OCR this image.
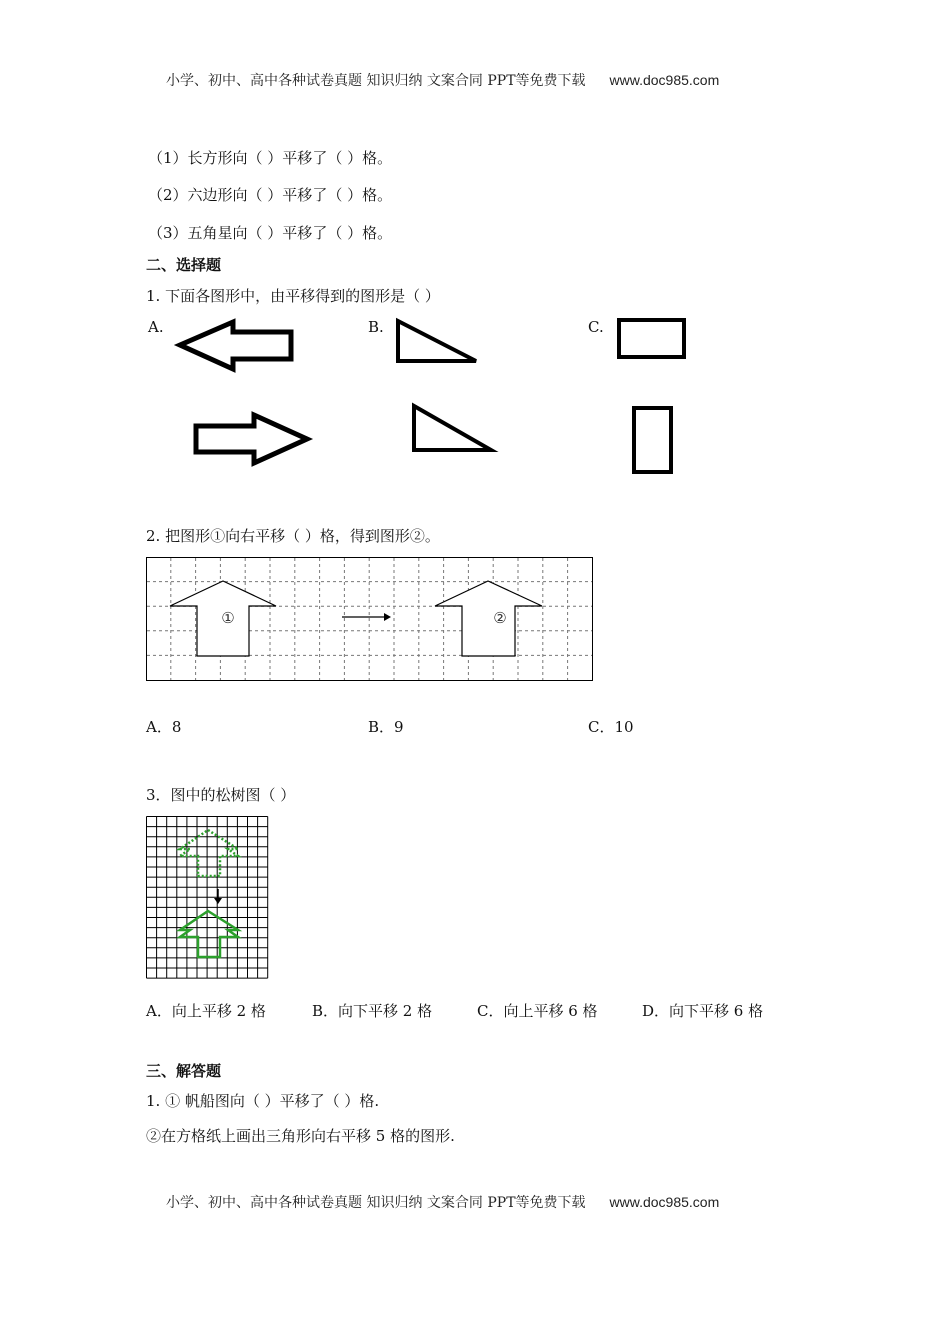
小学、初中、高中各种试卷真题 知识归纳 文案合同 PPT等免费下载 www.doc985.com
（1）长方形向（ ）平移了（ ）格。
（2）六边形向（ ）平移了（ ）格。
（3）五角星向（ ）平移了（ ）格。
二、选择题
1. 下面各图形中，由平移得到的图形是（ ）
A.	B.	C.
2. 把图形①向右平移（ ）格，得到图形②。
①	②
A．8	B．9	C．10
3．图中的松树图（ ）
A．向上平移 2 格	B．向下平移 2 格	C．向上平移 6 格	D．向下平移 6 格
三、解答题
1. ① 帆船图向（ ）平移了（ ）格.
②在方格纸上画出三角形向右平移 5 格的图形.
小学、初中、高中各种试卷真题 知识归纳 文案合同 PPT等免费下载 www.doc985.com
